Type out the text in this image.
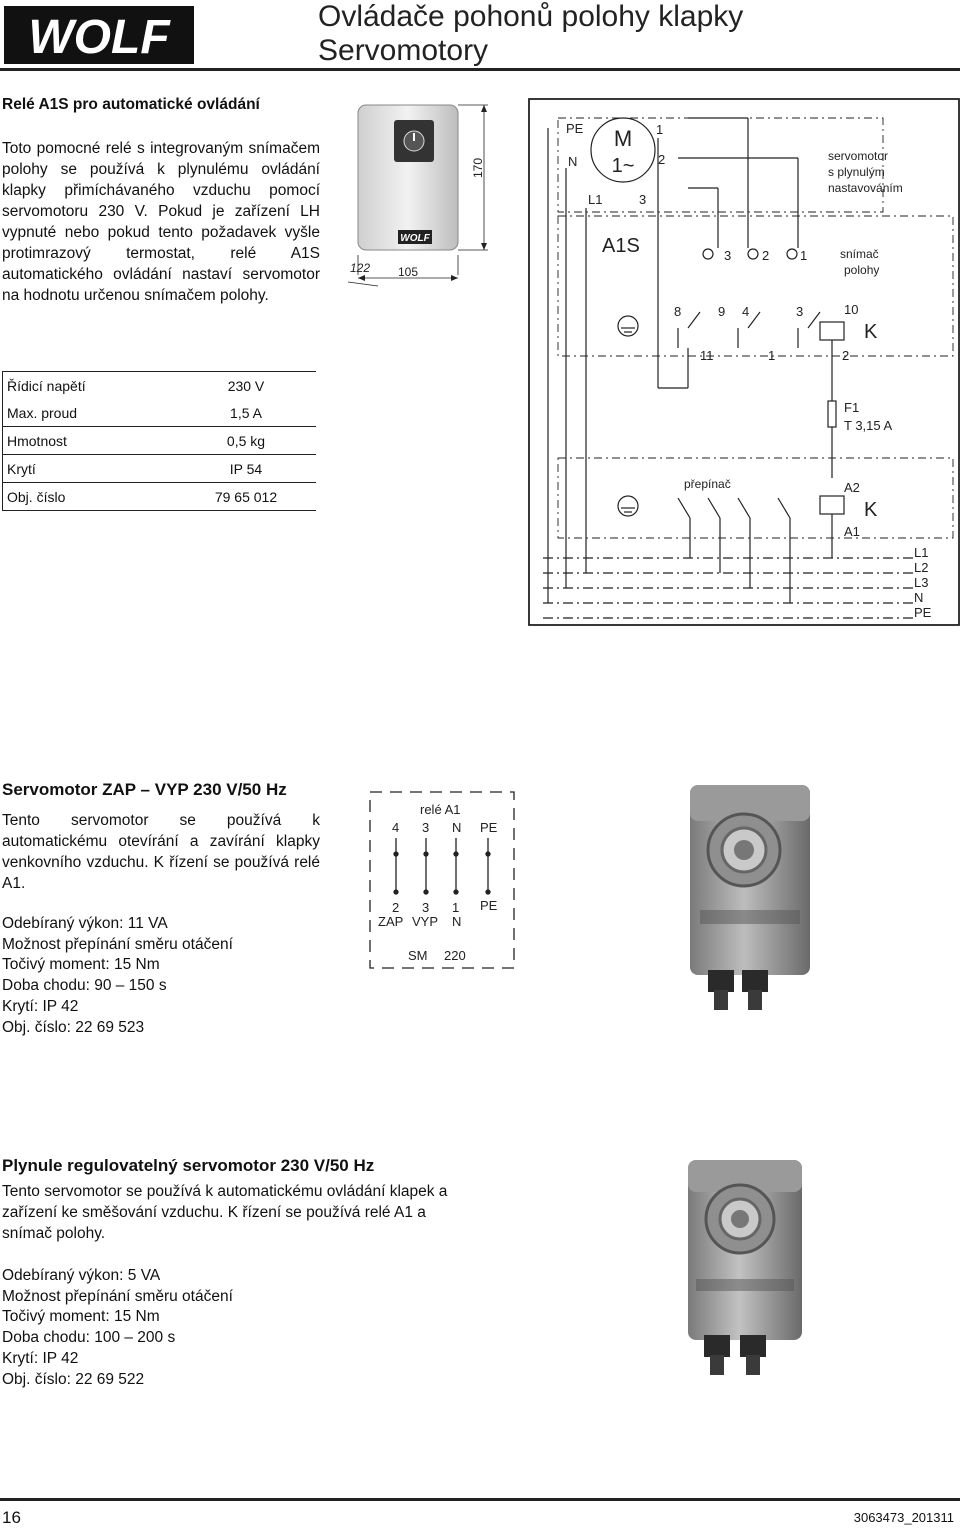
WOLF	Ovládače pohonů polohy klapky
Servomotory
Relé A1S pro automatické ovládání
Toto pomocné relé s integrovaným snímačem polohy se používá k plynulému ovládání klapky přimíchávaného vzduchu pomocí servomotoru 230 V. Pokud je zařízení LH vypnuté nebo pokud tento požadavek vyšle protimrazový termostat, relé A1S automatického ovládání nastaví servomotor na hodnotu určenou snímačem polohy.
Řídicí napětí	230 V
Max. proud	1,5 A
Hmotnost	0,5 kg
Krytí	IP 54
Obj. číslo	79 65 012
WOLF
170
105
122
PE
N
L1
M
1~
1
2
3
servomotor
s plynulým
nastavováním
A1S	3 2 1	snímač
polohy
8	9 4	3	10
K
11	1	2
F1
T 3,15 A
přepínač	A2
K
A1
L1
L2
L3
N
PE
Servomotor ZAP – VYP 230 V/50 Hz
Tento servomotor se používá k automatickému otevírání a zavírání klapky venkovního vzduchu. K řízení se používá relé A1.
Odebíraný výkon: 11 VA
Možnost přepínání směru otáčení
Točivý moment: 15 Nm
Doba chodu: 90 – 150 s
Krytí: IP 42
Obj. číslo: 22 69 523
relé A1
4 3 N PE
2 3 1 PE
ZAP VYP N
SM 220
Plynule regulovatelný servomotor 230 V/50 Hz
Tento servomotor se používá k automatickému ovládání klapek a zařízení ke směšování vzduchu. K řízení se používá relé A1 a snímač polohy.
Odebíraný výkon: 5 VA
Možnost přepínání směru otáčení
Točivý moment: 15 Nm
Doba chodu: 100 – 200 s
Krytí: IP 42
Obj. číslo: 22 69 522
16	3063473_201311
